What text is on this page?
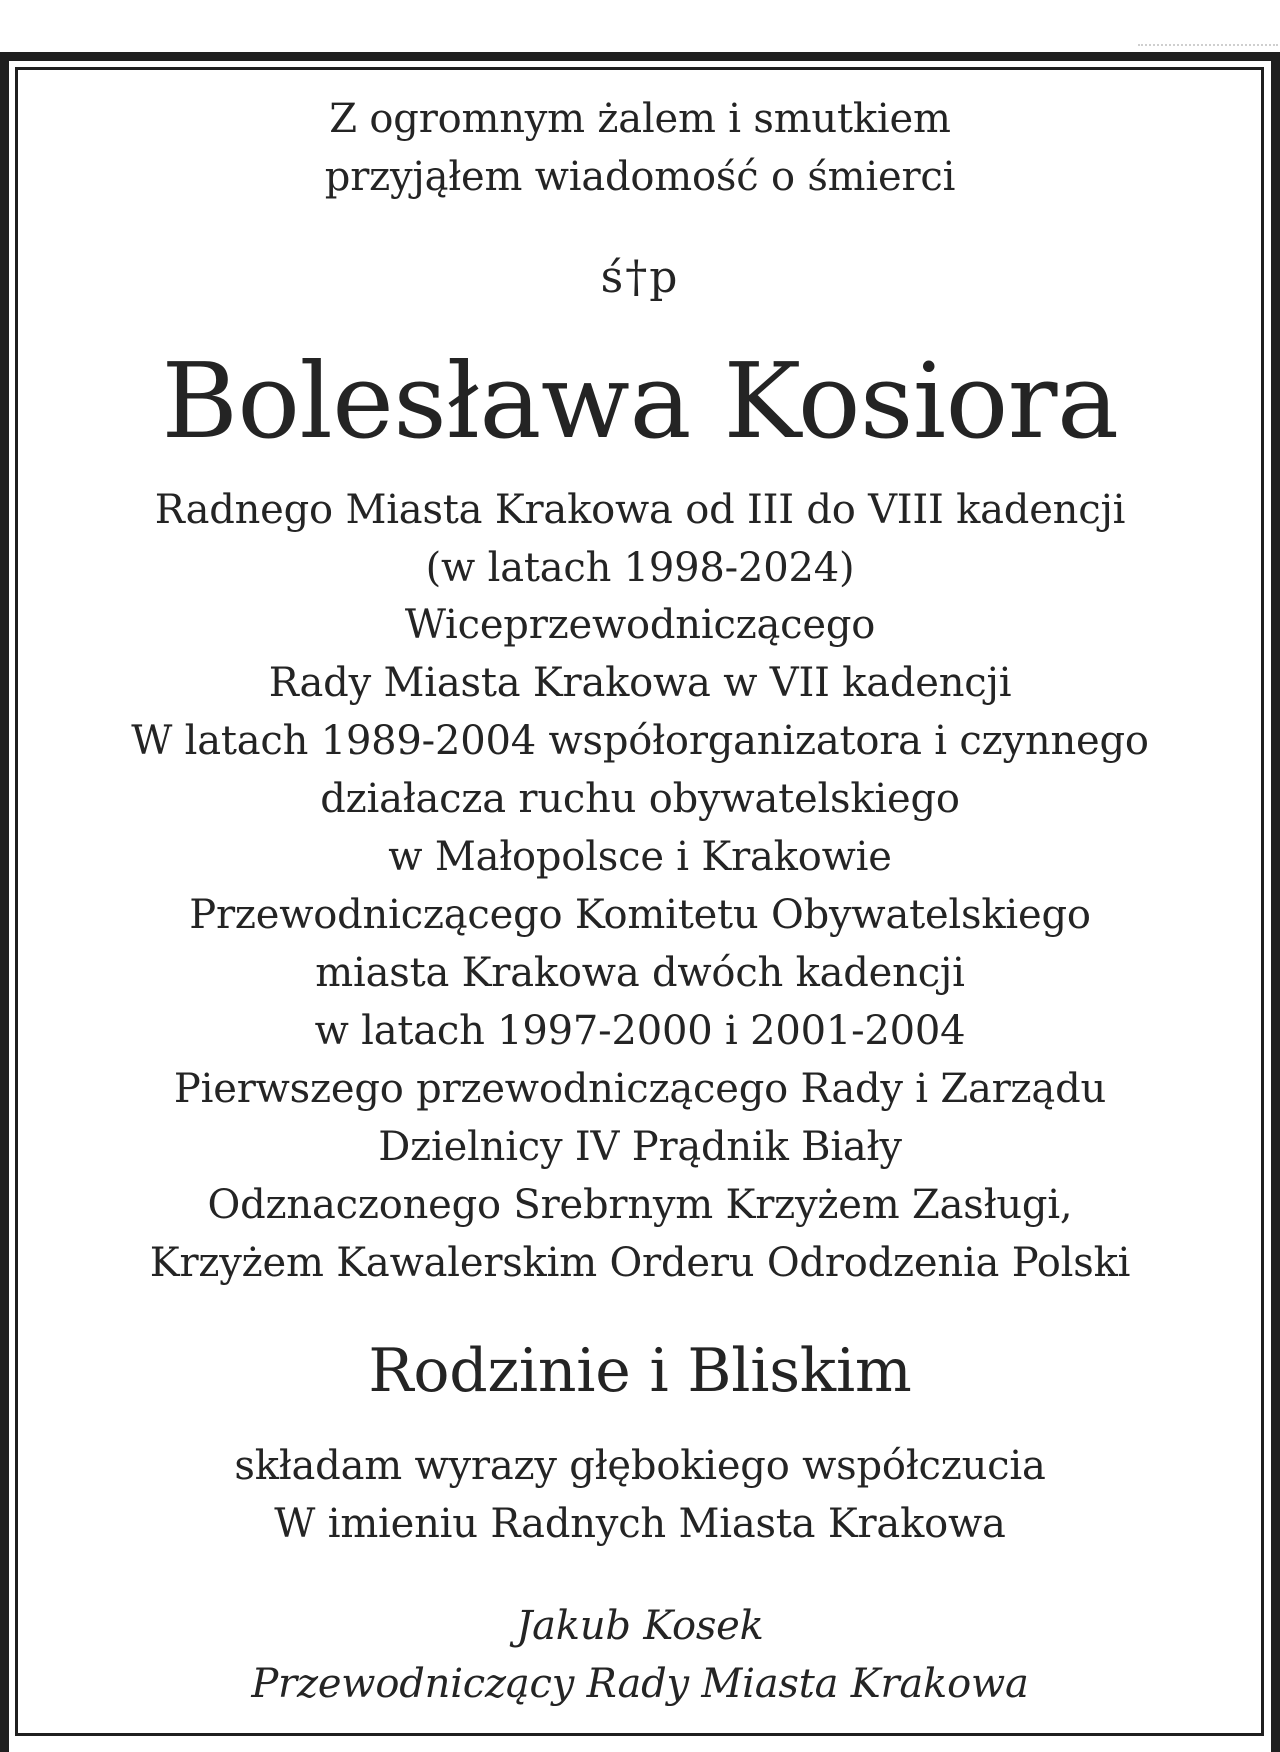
Z ogromnym żalem i smutkiem
przyjąłem wiadomość o śmierci
ś†p
Bolesława Kosiora
Radnego Miasta Krakowa od III do VIII kadencji
(w latach 1998-2024)
Wiceprzewodniczącego
Rady Miasta Krakowa w VII kadencji
W latach 1989-2004 współorganizatora i czynnego
działacza ruchu obywatelskiego
w Małopolsce i Krakowie
Przewodniczącego Komitetu Obywatelskiego
miasta Krakowa dwóch kadencji
w latach 1997-2000 i 2001-2004
Pierwszego przewodniczącego Rady i Zarządu
Dzielnicy IV Prądnik Biały
Odznaczonego Srebrnym Krzyżem Zasługi,
Krzyżem Kawalerskim Orderu Odrodzenia Polski
Rodzinie i Bliskim
składam wyrazy głębokiego współczucia
W imieniu Radnych Miasta Krakowa
Jakub Kosek
Przewodniczący Rady Miasta Krakowa
